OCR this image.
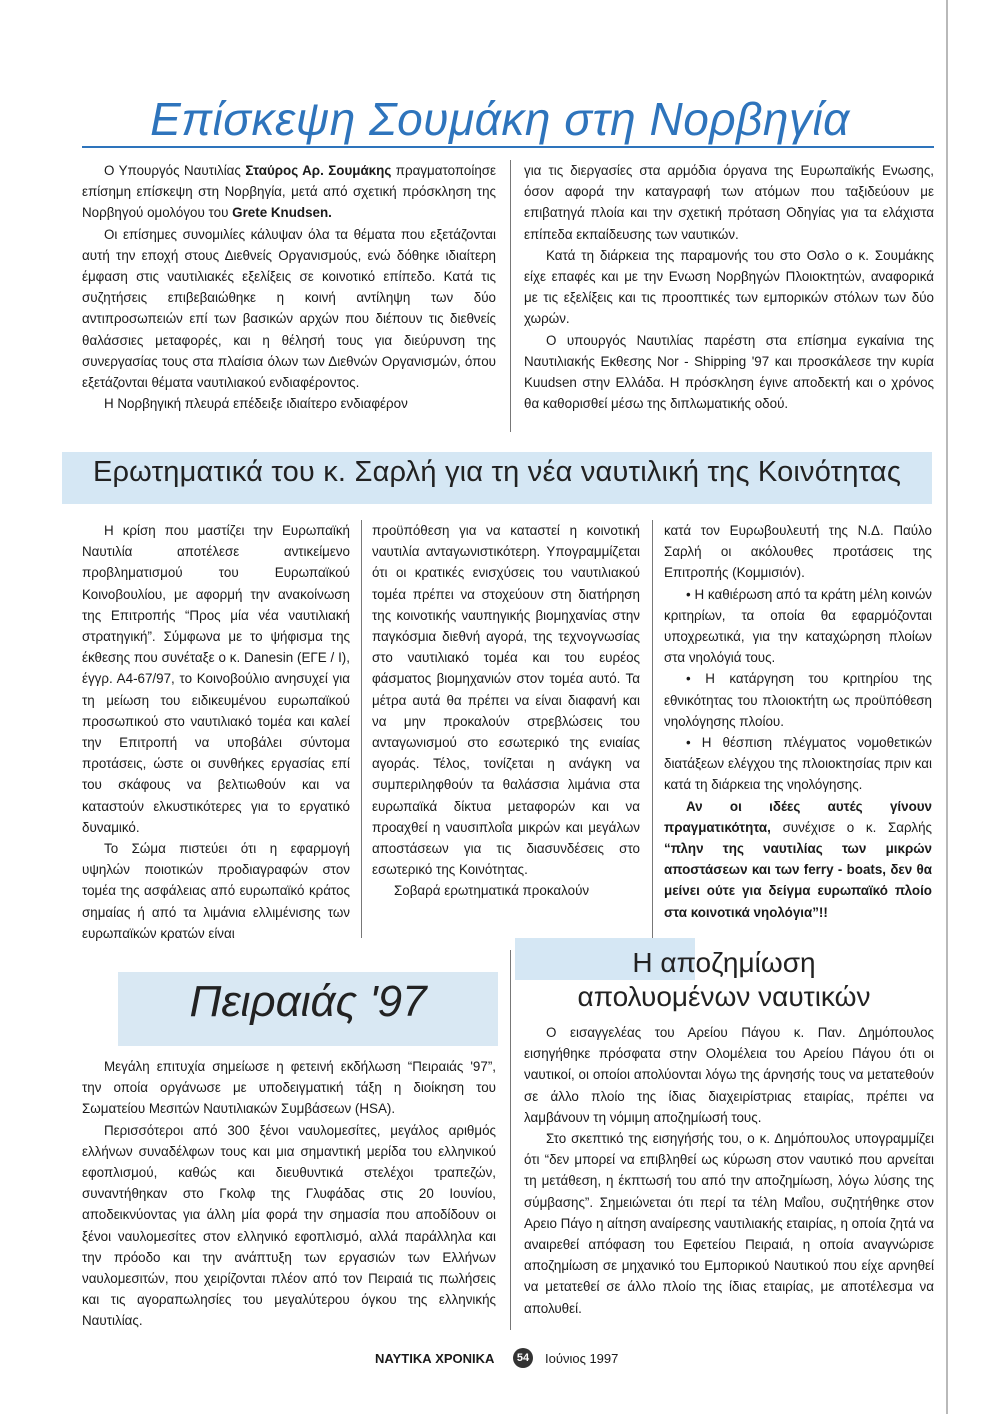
Επίσκεψη Σουμάκη στη Νορβηγία

Ο Υπουργός Ναυτιλίας Σταύρος Αρ. Σουμάκης πραγματοποίησε επίσημη επίσκεψη στη Νορβηγία, μετά από σχετική πρόσκληση της Νορβηγού ομολόγου του Grete Knudsen.

Οι επίσημες συνομιλίες κάλυψαν όλα τα θέματα που εξετάζονται αυτή την εποχή στους Διεθνείς Οργανισμούς, ενώ δόθηκε ιδιαίτερη έμφαση στις ναυτιλιακές εξελίξεις σε κοινοτικό επίπεδο. Κατά τις συζητήσεις επιβεβαιώθηκε η κοινή αντίληψη των δύο αντιπροσωπειών επί των βασικών αρχών που διέπουν τις διεθνείς θαλάσσιες μεταφορές, και η θέλησή τους για διεύρυνση της συνεργασίας τους στα πλαίσια όλων των Διεθνών Οργανισμών, όπου εξετάζονται θέματα ναυτιλιακού ενδιαφέροντος.

Η Νορβηγική πλευρά επέδειξε ιδιαίτερο ενδιαφέρον

για τις διεργασίες στα αρμόδια όργανα της Ευρωπαϊκής Ενωσης, όσον αφορά την καταγραφή των ατόμων που ταξιδεύουν με επιβατηγά πλοία και την σχετική πρόταση Οδηγίας για τα ελάχιστα επίπεδα εκπαίδευσης των ναυτικών.

Κατά τη διάρκεια της παραμονής του στο Οσλο ο κ. Σουμάκης είχε επαφές και με την Ενωση Νορβηγών Πλοιοκτητών, αναφορικά με τις εξελίξεις και τις προοπτικές των εμπορικών στόλων των δύο χωρών.

Ο υπουργός Ναυτιλίας παρέστη στα επίσημα εγκαίνια της Ναυτιλιακής Εκθεσης Nor - Shipping '97 και προσκάλεσε την κυρία Kuudsen στην Ελλάδα. Η πρόσκληση έγινε αποδεκτή και ο χρόνος θα καθορισθεί μέσω της διπλωματικής οδού.

Ερωτηματικά του κ. Σαρλή για τη νέα ναυτιλική της Κοινότητας

Η κρίση που μαστίζει την Ευρωπαϊκή Ναυτιλία αποτέλεσε αντικείμενο προβληματισμού του Ευρωπαϊκού Κοινοβουλίου, με αφορμή την ανακοίνωση της Επιτροπής “Προς μία νέα ναυτιλιακή στρατηγική”. Σύμφωνα με το ψήφισμα της έκθεσης που συνέταξε ο κ. Danesin (ΕΓΕ / Ι), έγγρ. Α4-67/97, το Κοινοβούλιο ανησυχεί για τη μείωση του ειδικευμένου ευρωπαϊκού προσωπικού στο ναυτιλιακό τομέα και καλεί την Επιτροπή να υποβάλει σύντομα προτάσεις, ώστε οι συνθήκες εργασίας επί του σκάφους να βελτιωθούν και να καταστούν ελκυστικότερες για το εργατικό δυναμικό.

Το Σώμα πιστεύει ότι η εφαρμογή υψηλών ποιοτικών προδιαγραφών στον τομέα της ασφάλειας από ευρωπαϊκό κράτος σημαίας ή από τα λιμάνια ελλιμένισης των ευρωπαϊκών κρατών είναι

προϋπόθεση για να καταστεί η κοινοτική ναυτιλία ανταγωνιστικότερη. Υπογραμμίζεται ότι οι κρατικές ενισχύσεις του ναυτιλιακού τομέα πρέπει να στοχεύουν στη διατήρηση της κοινοτικής ναυπηγικής βιομηχανίας στην παγκόσμια διεθνή αγορά, της τεχνογνωσίας στο ναυτιλιακό τομέα και του ευρέος φάσματος βιομηχανιών στον τομέα αυτό. Τα μέτρα αυτά θα πρέπει να είναι διαφανή και να μην προκαλούν στρεβλώσεις του ανταγωνισμού στο εσωτερικό της ενιαίας αγοράς. Τέλος, τονίζεται η ανάγκη να συμπεριληφθούν τα θαλάσσια λιμάνια στα ευρωπαϊκά δίκτυα μεταφορών και να προαχθεί η ναυσιπλοΐα μικρών και μεγάλων αποστάσεων για τις διασυνδέσεις στο εσωτερικό της Κοινότητας.

Σοβαρά ερωτηματικά προκαλούν

κατά τον Ευρωβουλευτή της Ν.Δ. Παύλο Σαρλή οι ακόλουθες προτάσεις της Επιτροπής (Κομμισιόν).

• Η καθιέρωση από τα κράτη μέλη κοινών κριτηρίων, τα οποία θα εφαρμόζονται υποχρεωτικά, για την καταχώρηση πλοίων στα νηολόγιά τους.

• Η κατάργηση του κριτηρίου της εθνικότητας του πλοιοκτήτη ως προϋπόθεση νηολόγησης πλοίου.

• Η θέσπιση πλέγματος νομοθετικών διατάξεων ελέγχου της πλοιοκτησίας πριν και κατά τη διάρκεια της νηολόγησης.

Αν οι ιδέες αυτές γίνουν πραγματικότητα, συνέχισε ο κ. Σαρλής “πλην της ναυτιλίας των μικρών αποστάσεων και των ferry - boats, δεν θα μείνει ούτε για δείγμα ευρωπαϊκό πλοίο στα κοινοτικά νηολόγια”!!

Πειραιάς '97

Μεγάλη επιτυχία σημείωσε η φετεινή εκδήλωση “Πειραιάς '97”, την οποία οργάνωσε με υποδειγματική τάξη η διοίκηση του Σωματείου Μεσιτών Ναυτιλιακών Συμβάσεων (HSA).

Περισσότεροι από 300 ξένοι ναυλομεσίτες, μεγάλος αριθμός ελλήνων συναδέλφων τους και μια σημαντική μερίδα του ελληνικού εφοπλισμού, καθώς και διευθυντικά στελέχοι τραπεζών, συναντήθηκαν στο Γκολφ της Γλυφάδας στις 20 Ιουνίου, αποδεικνύοντας για άλλη μία φορά την σημασία που αποδίδουν οι ξένοι ναυλομεσίτες στον ελληνικό εφοπλισμό, αλλά παράλληλα και την πρόοδο και την ανάπτυξη των εργασιών των Ελλήνων ναυλομεσιτών, που χειρίζονται πλέον από τον Πειραιά τις πωλήσεις και τις αγοραπωλησίες του μεγαλύτερου όγκου της ελληνικής Ναυτιλίας.

Η αποζημίωση
απολυομένων ναυτικών

Ο εισαγγελέας του Αρείου Πάγου κ. Παν. Δημόπουλος εισηγήθηκε πρόσφατα στην Ολομέλεια του Αρείου Πάγου ότι οι ναυτικοί, οι οποίοι απολύονται λόγω της άρνησής τους να μετατεθούν σε άλλο πλοίο της ίδιας διαχειρίστριας εταιρίας, πρέπει να λαμβάνουν τη νόμιμη αποζημίωσή τους.

Στο σκεπτικό της εισηγήσής του, ο κ. Δημόπουλος υπογραμμίζει ότι “δεν μπορεί να επιβληθεί ως κύρωση στον ναυτικό που αρνείται τη μετάθεση, η έκπτωσή του από την αποζημίωση, λόγω λύσης της σύμβασης”. Σημειώνεται ότι περί τα τέλη Μαΐου, συζητήθηκε στον Αρειο Πάγο η αίτηση αναίρεσης ναυτιλιακής εταιρίας, η οποία ζητά να αναιρεθεί απόφαση του Εφετείου Πειραιά, η οποία αναγνώρισε αποζημίωση σε μηχανικό του Εμπορικού Ναυτικού που είχε αρνηθεί να μετατεθεί σε άλλο πλοίο της ίδιας εταιρίας, με αποτέλεσμα να απολυθεί.

ΝΑΥΤΙΚΑ ΧΡΟΝΙΚΑ	54 Ιούνιος 1997
